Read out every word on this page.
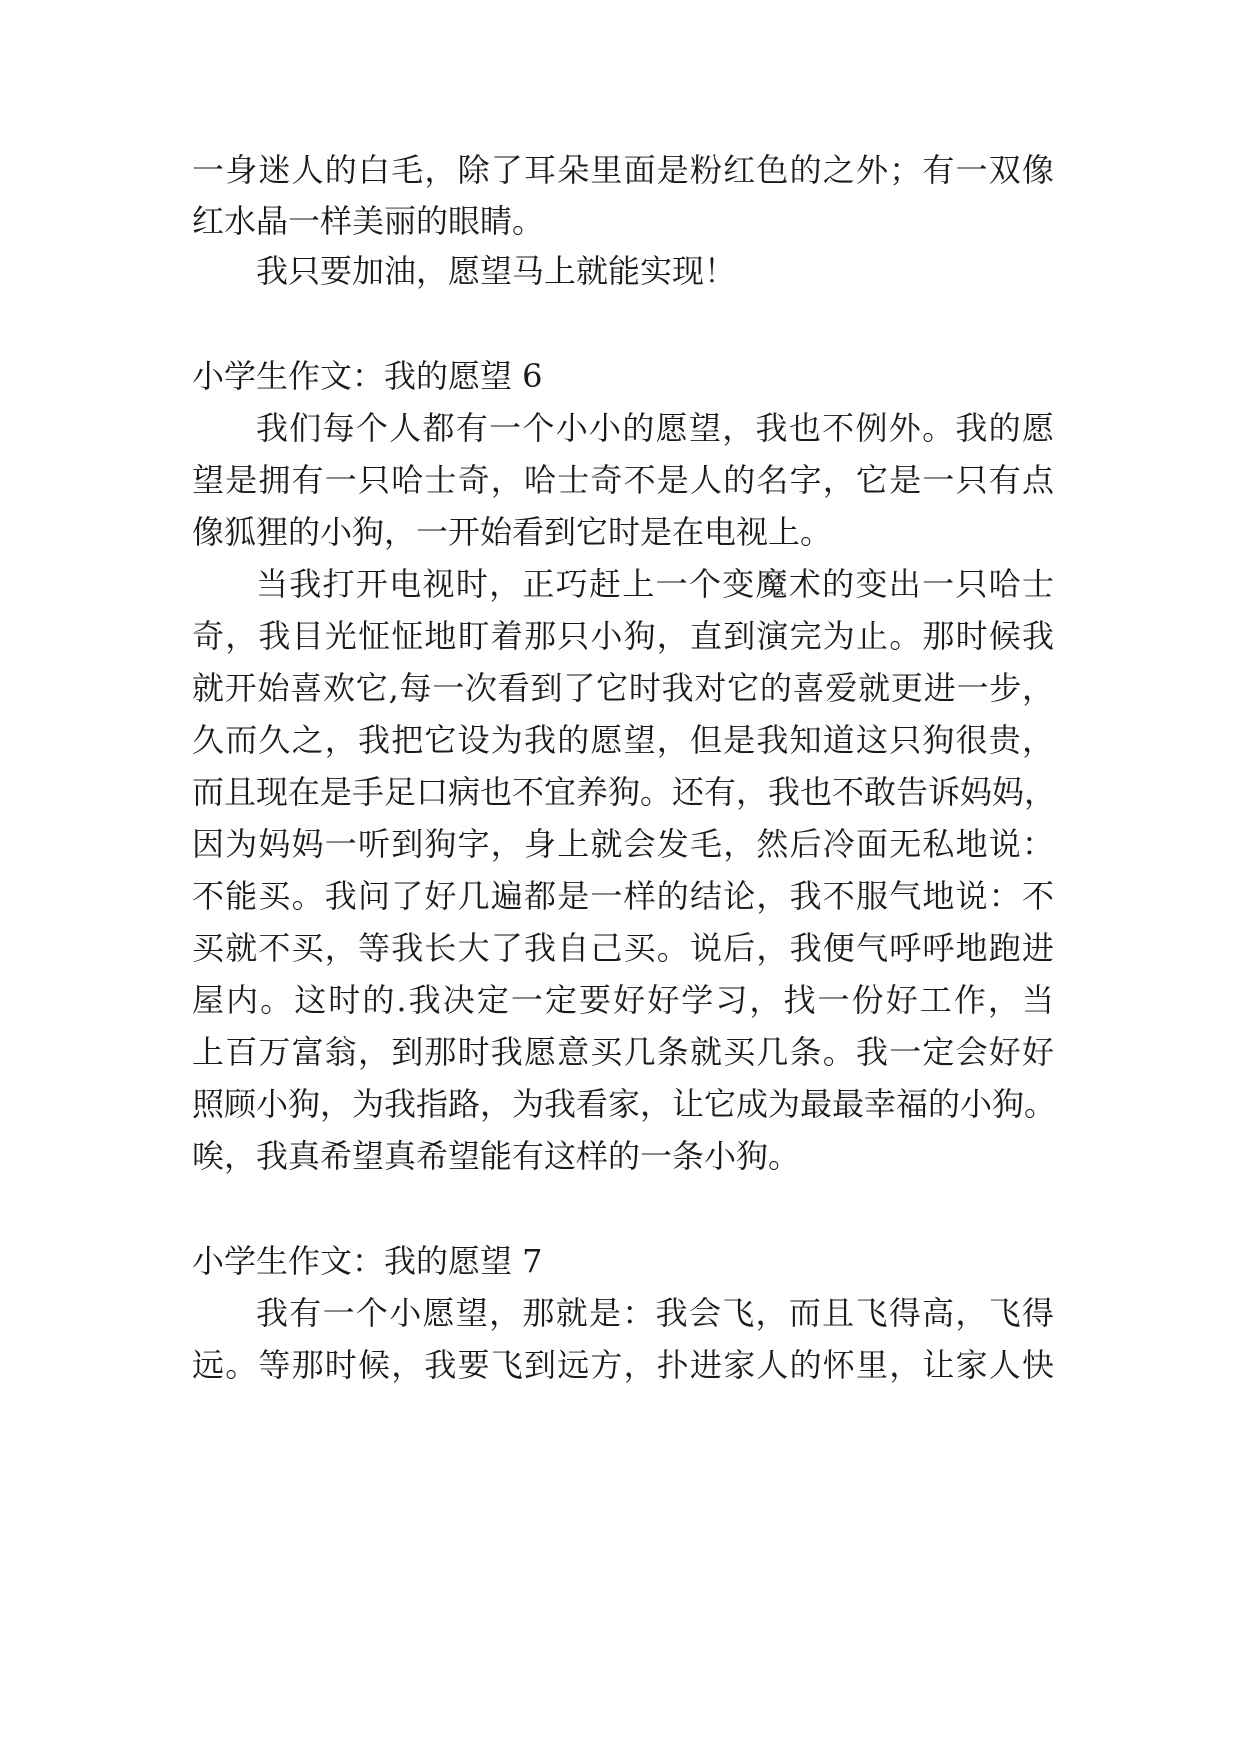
一身迷人的白毛，除了耳朵里面是粉红色的之外；有一双像
红水晶一样美丽的眼睛。
我只要加油，愿望马上就能实现！
小学生作文：我的愿望 6
我们每个人都有一个小小的愿望，我也不例外。我的愿
望是拥有一只哈士奇，哈士奇不是人的名字，它是一只有点
像狐狸的小狗，一开始看到它时是在电视上。
当我打开电视时，正巧赶上一个变魔术的变出一只哈士
奇，我目光怔怔地盯着那只小狗，直到演完为止。那时候我
就开始喜欢它,每一次看到了它时我对它的喜爱就更进一步，
久而久之，我把它设为我的愿望，但是我知道这只狗很贵，
而且现在是手足口病也不宜养狗。还有，我也不敢告诉妈妈，
因为妈妈一听到狗字，身上就会发毛，然后冷面无私地说：
不能买。我问了好几遍都是一样的结论，我不服气地说：不
买就不买，等我长大了我自己买。说后，我便气呼呼地跑进
屋内。这时的.我决定一定要好好学习，找一份好工作，当
上百万富翁，到那时我愿意买几条就买几条。我一定会好好
照顾小狗，为我指路，为我看家，让它成为最最幸福的小狗。
唉，我真希望真希望能有这样的一条小狗。
小学生作文：我的愿望 7
我有一个小愿望，那就是：我会飞，而且飞得高，飞得
远。等那时候，我要飞到远方，扑进家人的怀里，让家人快
